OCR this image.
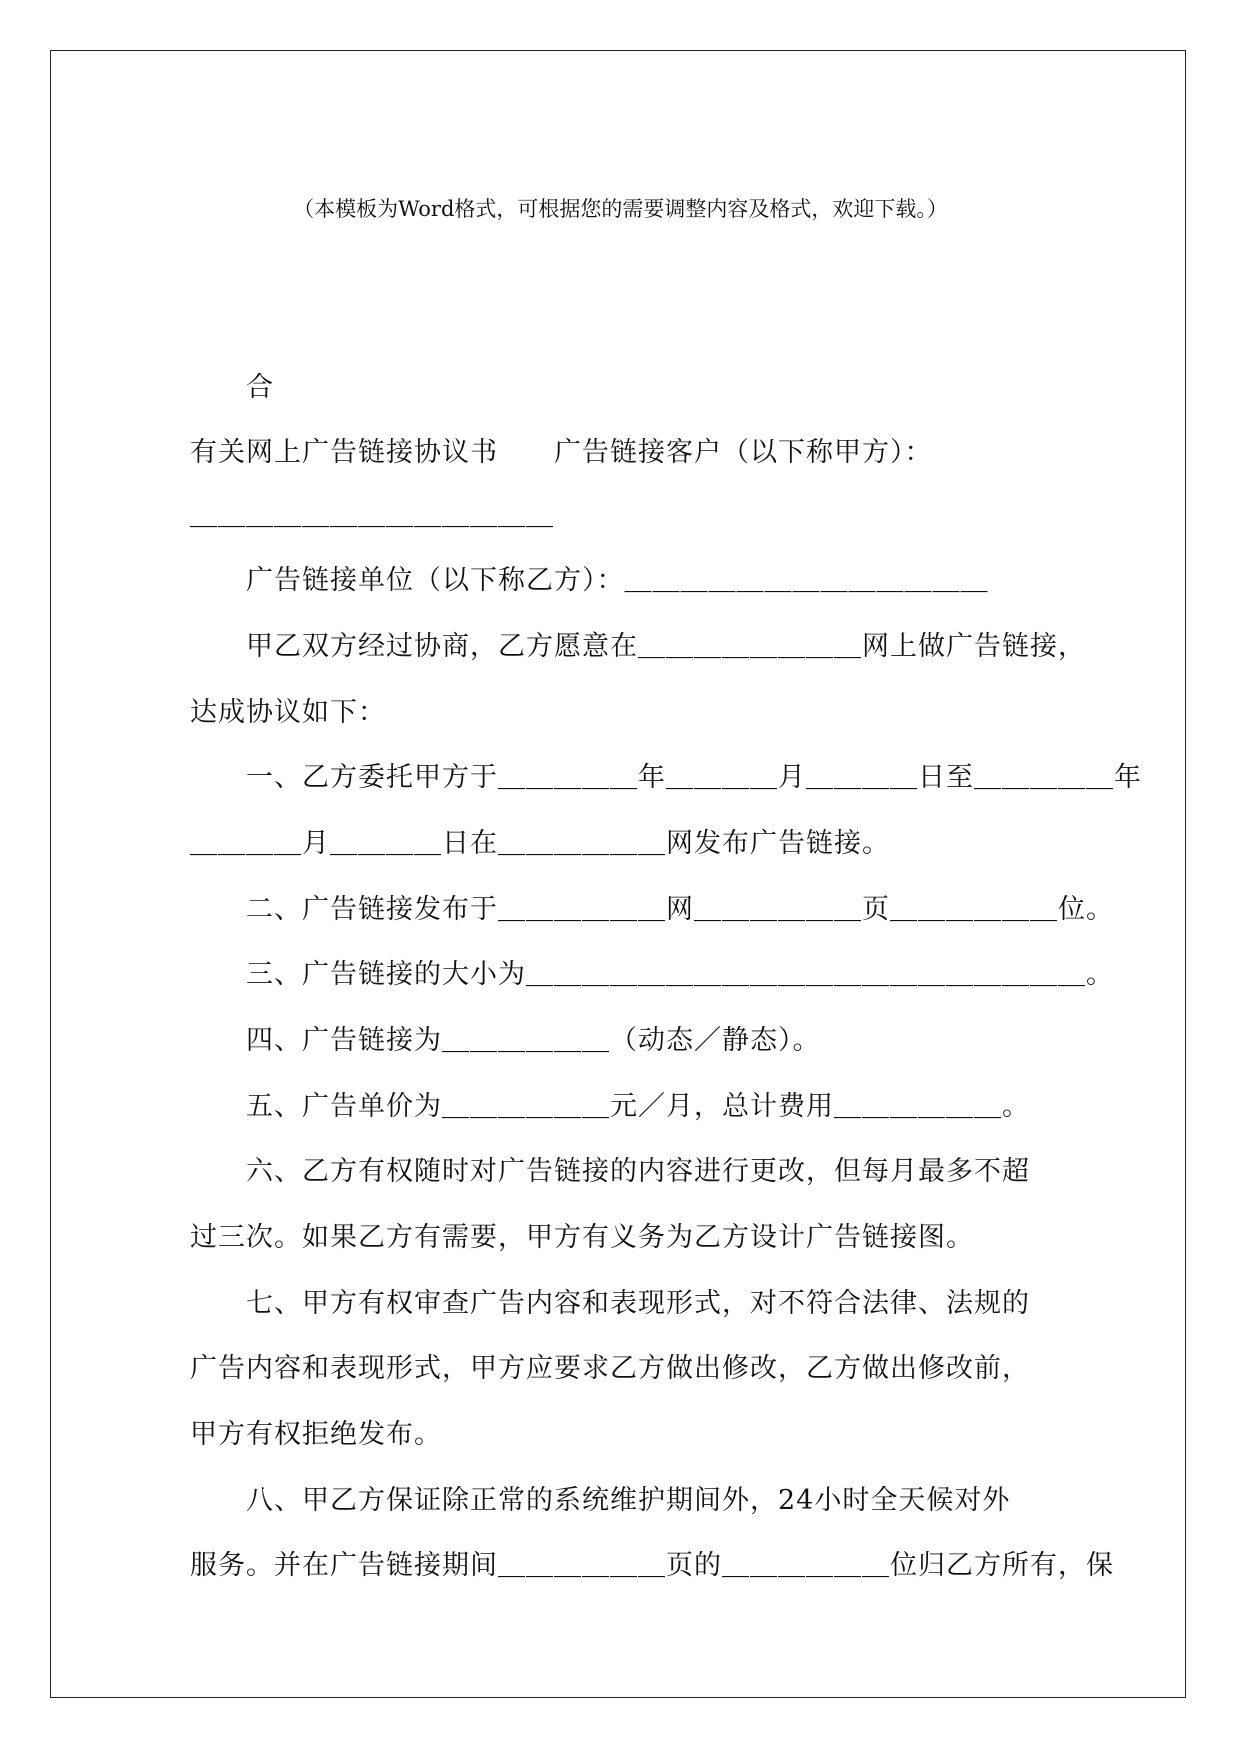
（本模板为Word格式，可根据您的需要调整内容及格式，欢迎下载。）
合
有关网上广告链接协议书　　广告链接客户（以下称甲方）：
＿＿＿＿＿＿＿＿＿＿＿＿＿
广告链接单位（以下称乙方）：＿＿＿＿＿＿＿＿＿＿＿＿＿
甲乙双方经过协商，乙方愿意在＿＿＿＿＿＿＿＿网上做广告链接，
达成协议如下：
一、乙方委托甲方于＿＿＿＿＿年＿＿＿＿月＿＿＿＿日至＿＿＿＿＿年
＿＿＿＿月＿＿＿＿日在＿＿＿＿＿＿网发布广告链接。
二、广告链接发布于＿＿＿＿＿＿网＿＿＿＿＿＿页＿＿＿＿＿＿位。
三、广告链接的大小为＿＿＿＿＿＿＿＿＿＿＿＿＿＿＿＿＿＿＿＿。
四、广告链接为＿＿＿＿＿＿（动态／静态）。
五、广告单价为＿＿＿＿＿＿元／月，总计费用＿＿＿＿＿＿。
六、乙方有权随时对广告链接的内容进行更改，但每月最多不超
过三次。如果乙方有需要，甲方有义务为乙方设计广告链接图。
七、甲方有权审查广告内容和表现形式，对不符合法律、法规的
广告内容和表现形式，甲方应要求乙方做出修改，乙方做出修改前，
甲方有权拒绝发布。
八、甲乙方保证除正常的系统维护期间外，24小时全天候对外
服务。并在广告链接期间＿＿＿＿＿＿页的＿＿＿＿＿＿位归乙方所有，保
